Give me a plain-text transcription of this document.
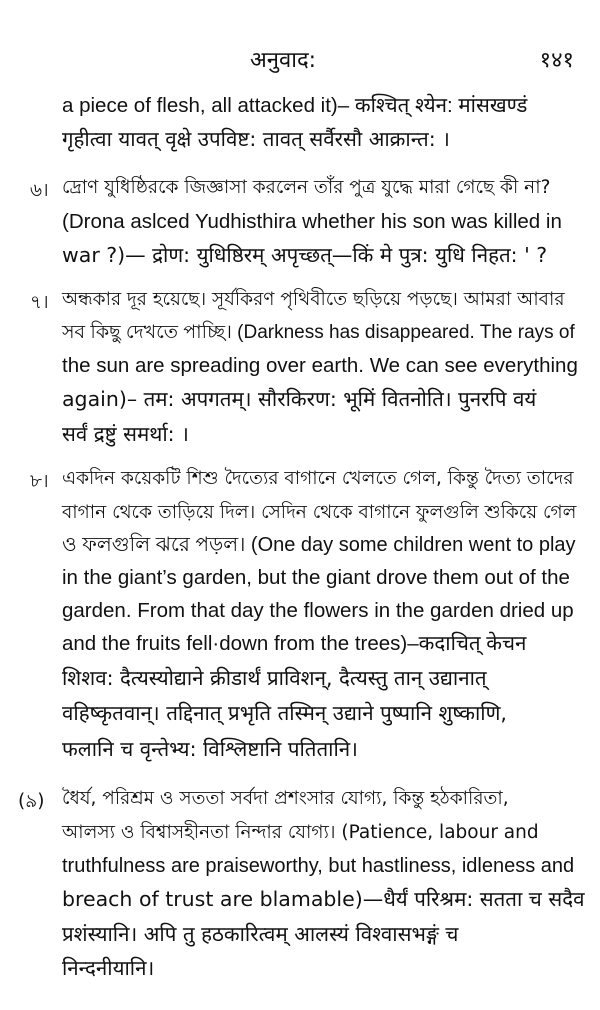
अनुवाद:	१४१
a piece of flesh, all attacked it)– कश्चित् श्येन: मांसखण्डं
गृहीत्वा यावत् वृक्षे उपविष्ट: तावत् सर्वैरसौ आक्रान्त: ।
৬। দ্রোণ যুধিষ্ঠিরকে জিজ্ঞাসা করলেন তাঁর পুত্র যুদ্ধে মারা গেছে কী না?
(Drona aslced Yudhisthira whether his son was killed in
war ?)— द्रोण: युधिष्ठिरम् अपृच्छत्—किं मे पुत्र: युधि निहत: ' ?
৭। অন্ধকার দূর হয়েছে। সূর্যকিরণ পৃথিবীতে ছড়িয়ে পড়ছে। আমরা আবার
সব কিছু দেখতে পাচ্ছি। (Darkness has disappeared. The rays of
the sun are spreading over earth. We can see everything
again)– तम: अपगतम्। सौरकिरण: भूमिं वितनोति। पुनरपि वयं
सर्वं द्रष्टुं समर्था: ।
৮। একদিন কয়েকটি শিশু দৈত্যের বাগানে খেলতে গেল, কিন্তু দৈত্য তাদের
বাগান থেকে তাড়িয়ে দিল। সেদিন থেকে বাগানে ফুলগুলি শুকিয়ে গেল
ও ফলগুলি ঝরে পড়ল। (One day some children went to play
in the giant’s garden, but the giant drove them out of the
garden. From that day the flowers in the garden dried up
and the fruits fell·down from the trees)–कदाचित् केचन
शिशव: दैत्यस्योद्याने क्रीडार्थं प्राविशन्, दैत्यस्तु तान् उद्यानात्
वहिष्कृतवान्। तद्दिनात् प्रभृति तस्मिन् उद्याने पुष्पानि शुष्काणि,
फलानि च वृन्तेभ्य: विश्लिष्टानि पतितानि।
(৯) ধৈর্য, পরিশ্রম ও সততা সর্বদা প্রশংসার যোগ্য, কিন্তু হঠকারিতা,
আলস্য ও বিশ্বাসহীনতা নিন্দার যোগ্য। (Patience, labour and
truthfulness are praiseworthy, but hastliness, idleness and
breach of trust are blamable)—धैर्यं परिश्रम: सतता च सदैव
प्रशंस्यानि। अपि तु हठकारित्वम् आलस्यं विश्वासभङ्गं च
निन्दनीयानि।
